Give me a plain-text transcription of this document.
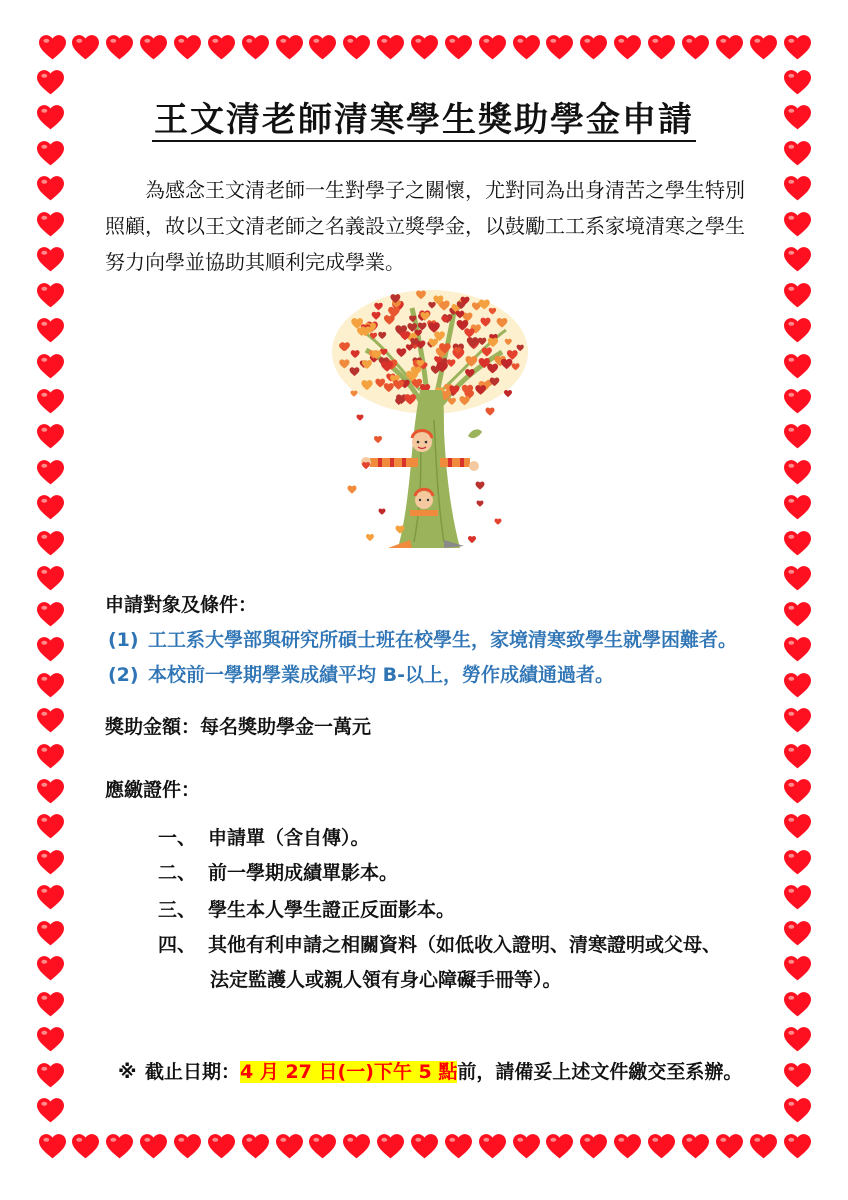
王文清老師清寒學生獎助學金申請
為感念王文清老師一生對學子之關懷，尤對同為出身清苦之學生特別
照顧，故以王文清老師之名義設立獎學金，以鼓勵工工系家境清寒之學生
努力向學並協助其順利完成學業。
申請對象及條件：
(1) 工工系大學部與研究所碩士班在校學生，家境清寒致學生就學困難者。
(2) 本校前一學期學業成績平均 B-以上，勞作成績通過者。
獎助金額：每名獎助學金一萬元
應繳證件：
一、 申請單（含自傳）。
二、 前一學期成績單影本。
三、 學生本人學生證正反面影本。
四、 其他有利申請之相關資料（如低收入證明、清寒證明或父母、
法定監護人或親人領有身心障礙手冊等）。
※ 截止日期：4 月 27 日(一)下午 5 點前，請備妥上述文件繳交至系辦。
